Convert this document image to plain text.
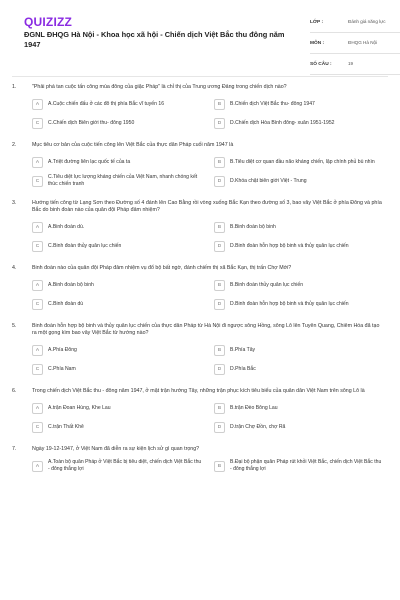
QUIZIZZ
ĐGNL ĐHQG Hà Nội - Khoa học xã hội - Chiến dịch Việt Bắc thu đông năm 1947
LỚP :	Đánh giá năng lực
MÔN :	ĐHQG Hà Nội
SỐ CÂU :	19
1.	"Phải phá tan cuộc tấn công mùa đông của giặc Pháp" là chỉ thị của Trung ương Đảng trong chiến dịch nào?
A	A.Cuộc chiến đấu ở các đô thị phía Bắc vĩ tuyến 16	B	B.Chiến dịch Việt Bắc thu- đông 1947
C	C.Chiến dịch Biên giới thu- đông 1950	D	D.Chiến dịch Hòa Bình đông- xuân 1951-1952
2.	Mục tiêu cơ bản của cuộc tiến công lên Việt Bắc của thực dân Pháp cuối năm 1947 là
A	A.Triệt đường liên lạc quốc tế của ta	B	B.Tiêu diệt cơ quan đầu não kháng chiến, lập chính phủ bù nhìn
C
C.Tiêu diệt lực lượng kháng chiến của Việt Nam, nhanh chóng kết thúc chiến tranh	D	D.Khóa chặt biên giới Việt - Trung
3.	Hướng tiến công từ Lạng Sơn theo Đường số 4 đánh lên Cao Bằng rồi vòng xuống Bắc Kạn theo đường số 3, bao vây Việt Bắc ở phía Đông và phía Bắc do binh đoàn nào của quân đội Pháp đảm nhiệm?
A	A.Binh đoàn dù.	B	B.Binh đoàn bộ binh
C	C.Binh đoàn thủy quân lục chiến	D	D.Binh đoàn hỗn hợp bộ binh và thủy quân lục chiến
4.	Binh đoàn nào của quân đội Pháp đảm nhiệm vụ đổ bộ bất ngờ, đánh chiếm thị xã Bắc Kạn, thị trấn Chợ Mới?
A	A.Binh đoàn bộ binh	B	B.Binh đoàn thủy quân lục chiến
C	C.Binh đoàn dù	D	D.Binh đoàn hỗn hợp bộ binh và thủy quân lục chiến
5.	Binh đoàn hỗn hợp bộ binh và thủy quân lục chiến của thực dân Pháp từ Hà Nội đi ngược sông Hồng, sông Lô lên Tuyên Quang, Chiêm Hóa đã tạo ra một gọng kìm bao vây Việt Bắc từ hướng nào?
A	A.Phía Đông	B	B.Phía Tây
C	C.Phía Nam	D	D.Phía Bắc
6.	Trong chiến dịch Việt Bắc thu - đông năm 1947, ở mặt trận hướng Tây, những trận phục kích tiêu biểu của quân dân Việt Nam trên sông Lô là
A	A.trận Đoan Hùng, Khe Lau	B	B.trận Đèo Bông Lau
C	C.trận Thất Khê	D	D.trận Chợ Đồn, chợ Rã
7.	Ngày 19-12-1947, ở Việt Nam đã diễn ra sự kiện lịch sử gì quan trọng?
A
A.Toàn bộ quân Pháp ở Việt Bắc bị tiêu diệt, chiến dịch Việt Bắc thu - đông thắng lợi	B
B.Đại bộ phận quân Pháp rút khỏi Việt Bắc, chiến dịch Việt Bắc thu - đông thắng lợi
